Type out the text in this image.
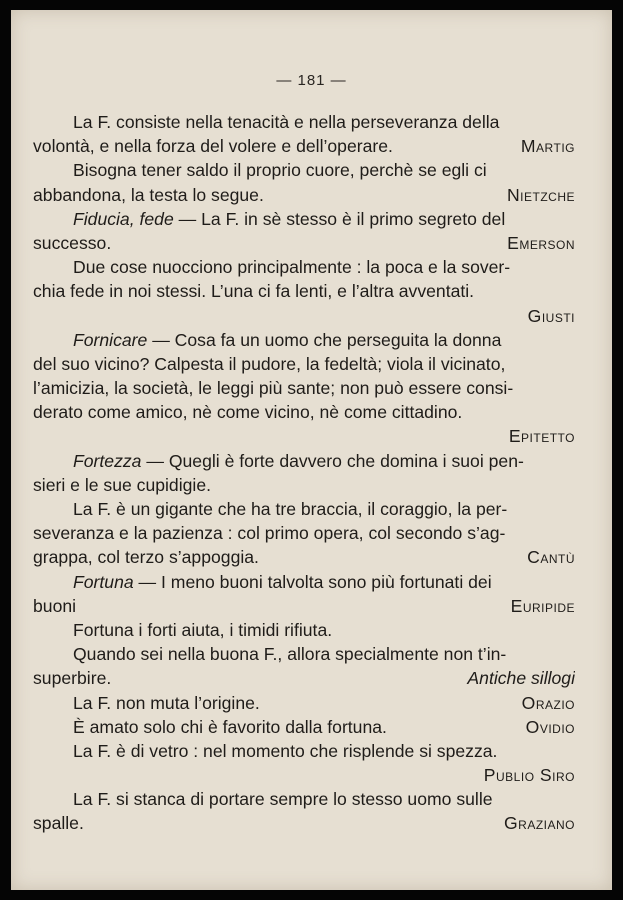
— 181 —
La F. consiste nella tenacità e nella perseveranza della
volontà, e nella forza del volere e dell’operare.	Martig
Bisogna tener saldo il proprio cuore, perchè se egli ci
abbandona, la testa lo segue.	Nietzche
Fiducia, fede — La F. in sè stesso è il primo segreto del
successo.	Emerson
Due cose nuocciono principalmente : la poca e la sover-
chia fede in noi stessi. L’una ci fa lenti, e l’altra avventati.
Giusti
Fornicare — Cosa fa un uomo che perseguita la donna
del suo vicino? Calpesta il pudore, la fedeltà; viola il vicinato,
l’amicizia, la società, le leggi più sante; non può essere consi-
derato come amico, nè come vicino, nè come cittadino.
Epitetto
Fortezza — Quegli è forte davvero che domina i suoi pen-
sieri e le sue cupidigie.
La F. è un gigante che ha tre braccia, il coraggio, la per-
severanza e la pazienza : col primo opera, col secondo s’ag-
grappa, col terzo s’appoggia.	Cantù
Fortuna — I meno buoni talvolta sono più fortunati dei
buoni	Euripide
Fortuna i forti aiuta, i timidi rifiuta.
Quando sei nella buona F., allora specialmente non t’in-
superbire.	Antiche sillogi
La F. non muta l’origine.	Orazio
È amato solo chi è favorito dalla fortuna.	Ovidio
La F. è di vetro : nel momento che risplende si spezza.
Publio Siro
La F. si stanca di portare sempre lo stesso uomo sulle
spalle.	Graziano
